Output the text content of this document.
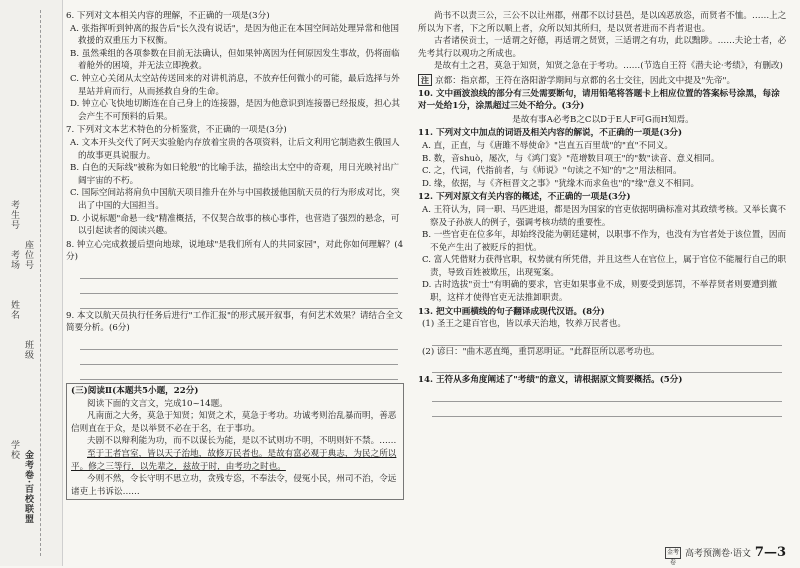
考生号
考场 座位号
姓名
班级
学校 金考卷·百校联盟
6. 下列对文本相关内容的理解，不正确的一项是(3分)

A. 张指挥听到钟离的报告后"长久没有说话"，是因为他正在本国空间站处理异常和他国救援的双重压力下权衡。

B. 虽然乘组的各项参数在目前无法确认，但如果钟离因为任何原因发生事故，仍将面临着舱外的困境，并无法立即挽救。

C. 钟立心关闭从太空站传送回来的对讲机消息，不放弃任何微小的可能，最后选择与外星站并肩而行，从而拯救自身的生命。

D. 钟立心飞快地切断连在自己身上的连接器，是因为他意识到连接器已经报废，担心其会产生不可预料的后果。

7. 下列对文本艺术特色的分析鉴赏，不正确的一项是(3分)

A. 文本开头交代了阿天实验舱内存放着宝贵的各项资料，让后文利用它制造救生俄国人的故事更具说服力。

B. 白色的天际线"被称为如日轮般"的比喻手法，描绘出太空中的奇观，用日光映衬出广阔宇宙的不朽。

C. 国际空间站将肩负中国航天项目推升在外与中国救援他国航天员的行为形成对比，突出了中国的大国担当。

D. 小说标题"命悬一线"精准概括，不仅契合故事的核心事件，也营造了强烈的悬念，可以引起读者的阅读兴趣。

8. 钟立心完成救援后望向地球，说地球"是我们所有人的共同家园"，对此你如何理解？(4分)
9. 本文以航天员执行任务后进行"工作汇报"的形式展开叙事，有何艺术效果？请结合全文简要分析。(6分)
(三)阅读Ⅱ(本题共5小题，22分)

阅读下面的文言文，完成10~14题。

凡南面之大务，莫急于知贤；知贤之术，莫急于考功。功诚考则治乱暴而明，善恶信则直在于众，是以举贤不必在于名，在于事功。

夫剧不以辩利能为功，而不以谋长为能，是以不试则功不明，不明则奸不禁。……

至于王者宫室，皆以天子治地，故修万民者也。是故有富必观于典志，为民之所以平。修之三等行，以先辈之，兹故于时，由考功之时也。

今则不然，令长守明不思立功，贪残专恣，不奉法令，侵冤小民，州司不治，令远诸吏上书诉讼……

尚书不以责三公，三公不以让州郡，州郡不以讨县邑，是以凶恶放恣，而贤者不恤。……上之所以为下者，下之所以顺上者，众所以知其所归，是以贤者进而不肖者退也。

古者诸侯贡士，一适谓之好德，再适谓之贤贤，三适谓之有功，此以黜陟。……夫论士者，必先考其行以观功之所成也。

是故有土之君，莫急于知贤，知贤之急在于考功。……(节选自王符《潜夫论·考绩》，有删改)

注 京都：指京都，王符在洛阳游学期间与京都的名士交往，因此文中提及"先帝"。
10. 文中画波浪线的部分有三处需要断句，请用铅笔将答题卡上相应位置的答案标号涂黑，每涂对一处给1分，涂黑超过三处不给分。(3分)
是故有事A必考B之C以D于E人F可G而H知焉。
11. 下列对文中加点的词语及相关内容的解说，不正确的一项是(3分)

A. 直，正直，与《唐雎不辱使命》"岂直五百里哉"的"直"不同义。

B. 数，音shuò，屡次，与《鸿门宴》"范增数目项王"的"数"读音、意义相同。

C. 之，代词，代指前者，与《师说》"句读之不知"的"之"用法相同。

D. 缘，依据，与《齐桓晋文之事》"犹缘木而求鱼也"的"缘"意义不相同。

12. 下列对原文有关内容的概述，不正确的一项是(3分)

A. 王符认为，同一职、马匹进退，都是因为国家的官吏依据明确标准对其政绩考核。又举长冀不察及子孙族人的例子，强调考核功绩的重要性。

B. 一些官吏在位多年，却始终没能为朝廷建树，以职事不作为，也没有为官者处于该位置，因而不免产生出了被贬斥的担忧。

C. 富人凭借财力获得官职，权势就有所凭借，并且这些人在官位上，属于官位不能履行自己的职责，导致百姓被欺压，出现冤案。

D. 古时选拔"贡士"有明确的要求，官吏如果事业不成，则要受到惩罚，不举荐贤者则要遭到撤职，这样才使得官吏无法推卸职责。

13. 把文中画横线的句子翻译成现代汉语。(8分)

(1) 圣王之建百官也，皆以承天治地，牧养万民者也。

(2) 谚曰："曲木恶直绳，重罚恶明证。"此群臣所以恶考功也。

14. 王符从多角度阐述了"考绩"的意义，请根据原文简要概括。(5分)
金考卷
高考预测卷·语文 7—3
